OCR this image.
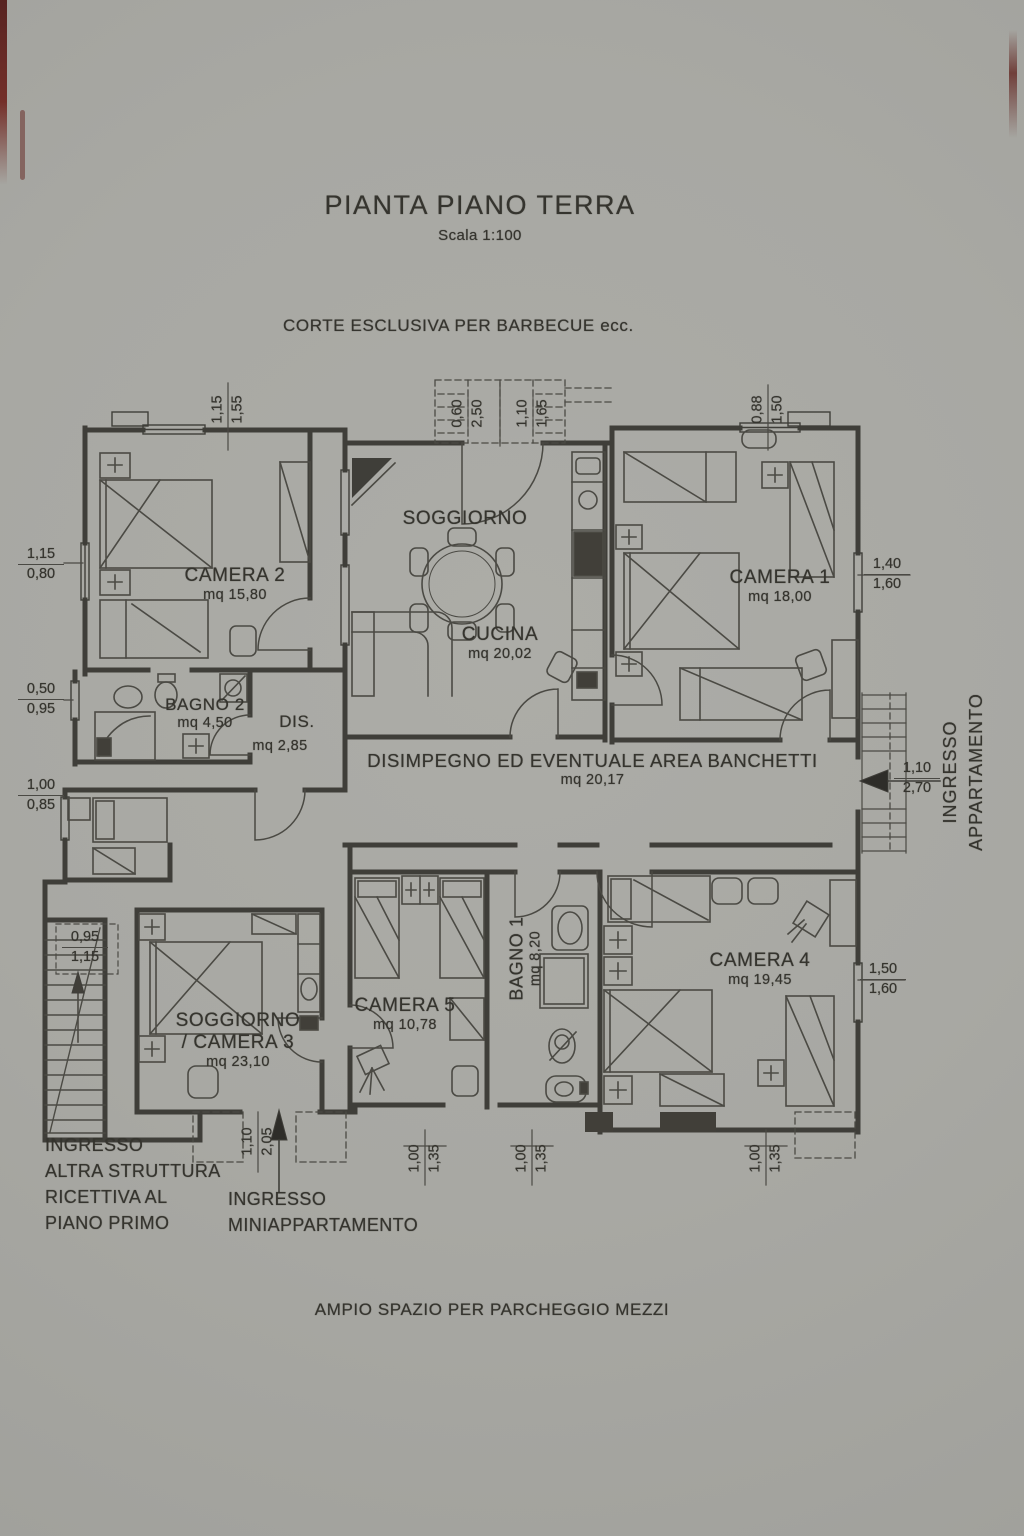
PIANTA PIANO TERRA
Scala 1:100
CORTE ESCLUSIVA PER BARBECUE ecc.
AMPIO SPAZIO PER PARCHEGGIO MEZZI
CAMERA 2
mq 15,80
SOGGIORNO
CUCINA
mq 20,02
CAMERA 1
mq 18,00
BAGNO 2
mq 4,50	DIS.
mq 2,85
DISIMPEGNO ED EVENTUALE AREA BANCHETTI
mq 20,17
SOGGIORNO
/ CAMERA 3
mq 23,10
CAMERA 5
mq 10,78
BAGNO 1 mq 8,20	CAMERA 4
mq 19,45
INGRESSO APPARTAMENTO
INGRESSO
ALTRA STRUTTURA
RICETTIVA AL
PIANO PRIMO
INGRESSO
MINIAPPARTAMENTO
1,15 1,55	0,60 2,50 1,10 1,65	0,88 1,50
1,10 2,05
1,00 1,35	1,00 1,35	1,00 1,35
$\frac{1,15}{0,80}$
$\frac{0,50}{0,95}$
$\frac{1,00}{0,85}$
$\frac{0,95}{1,15}$
$\frac{1,40}{1,60}$
$\frac{1,10}{2,70}$
$\frac{1,50}{1,60}$
